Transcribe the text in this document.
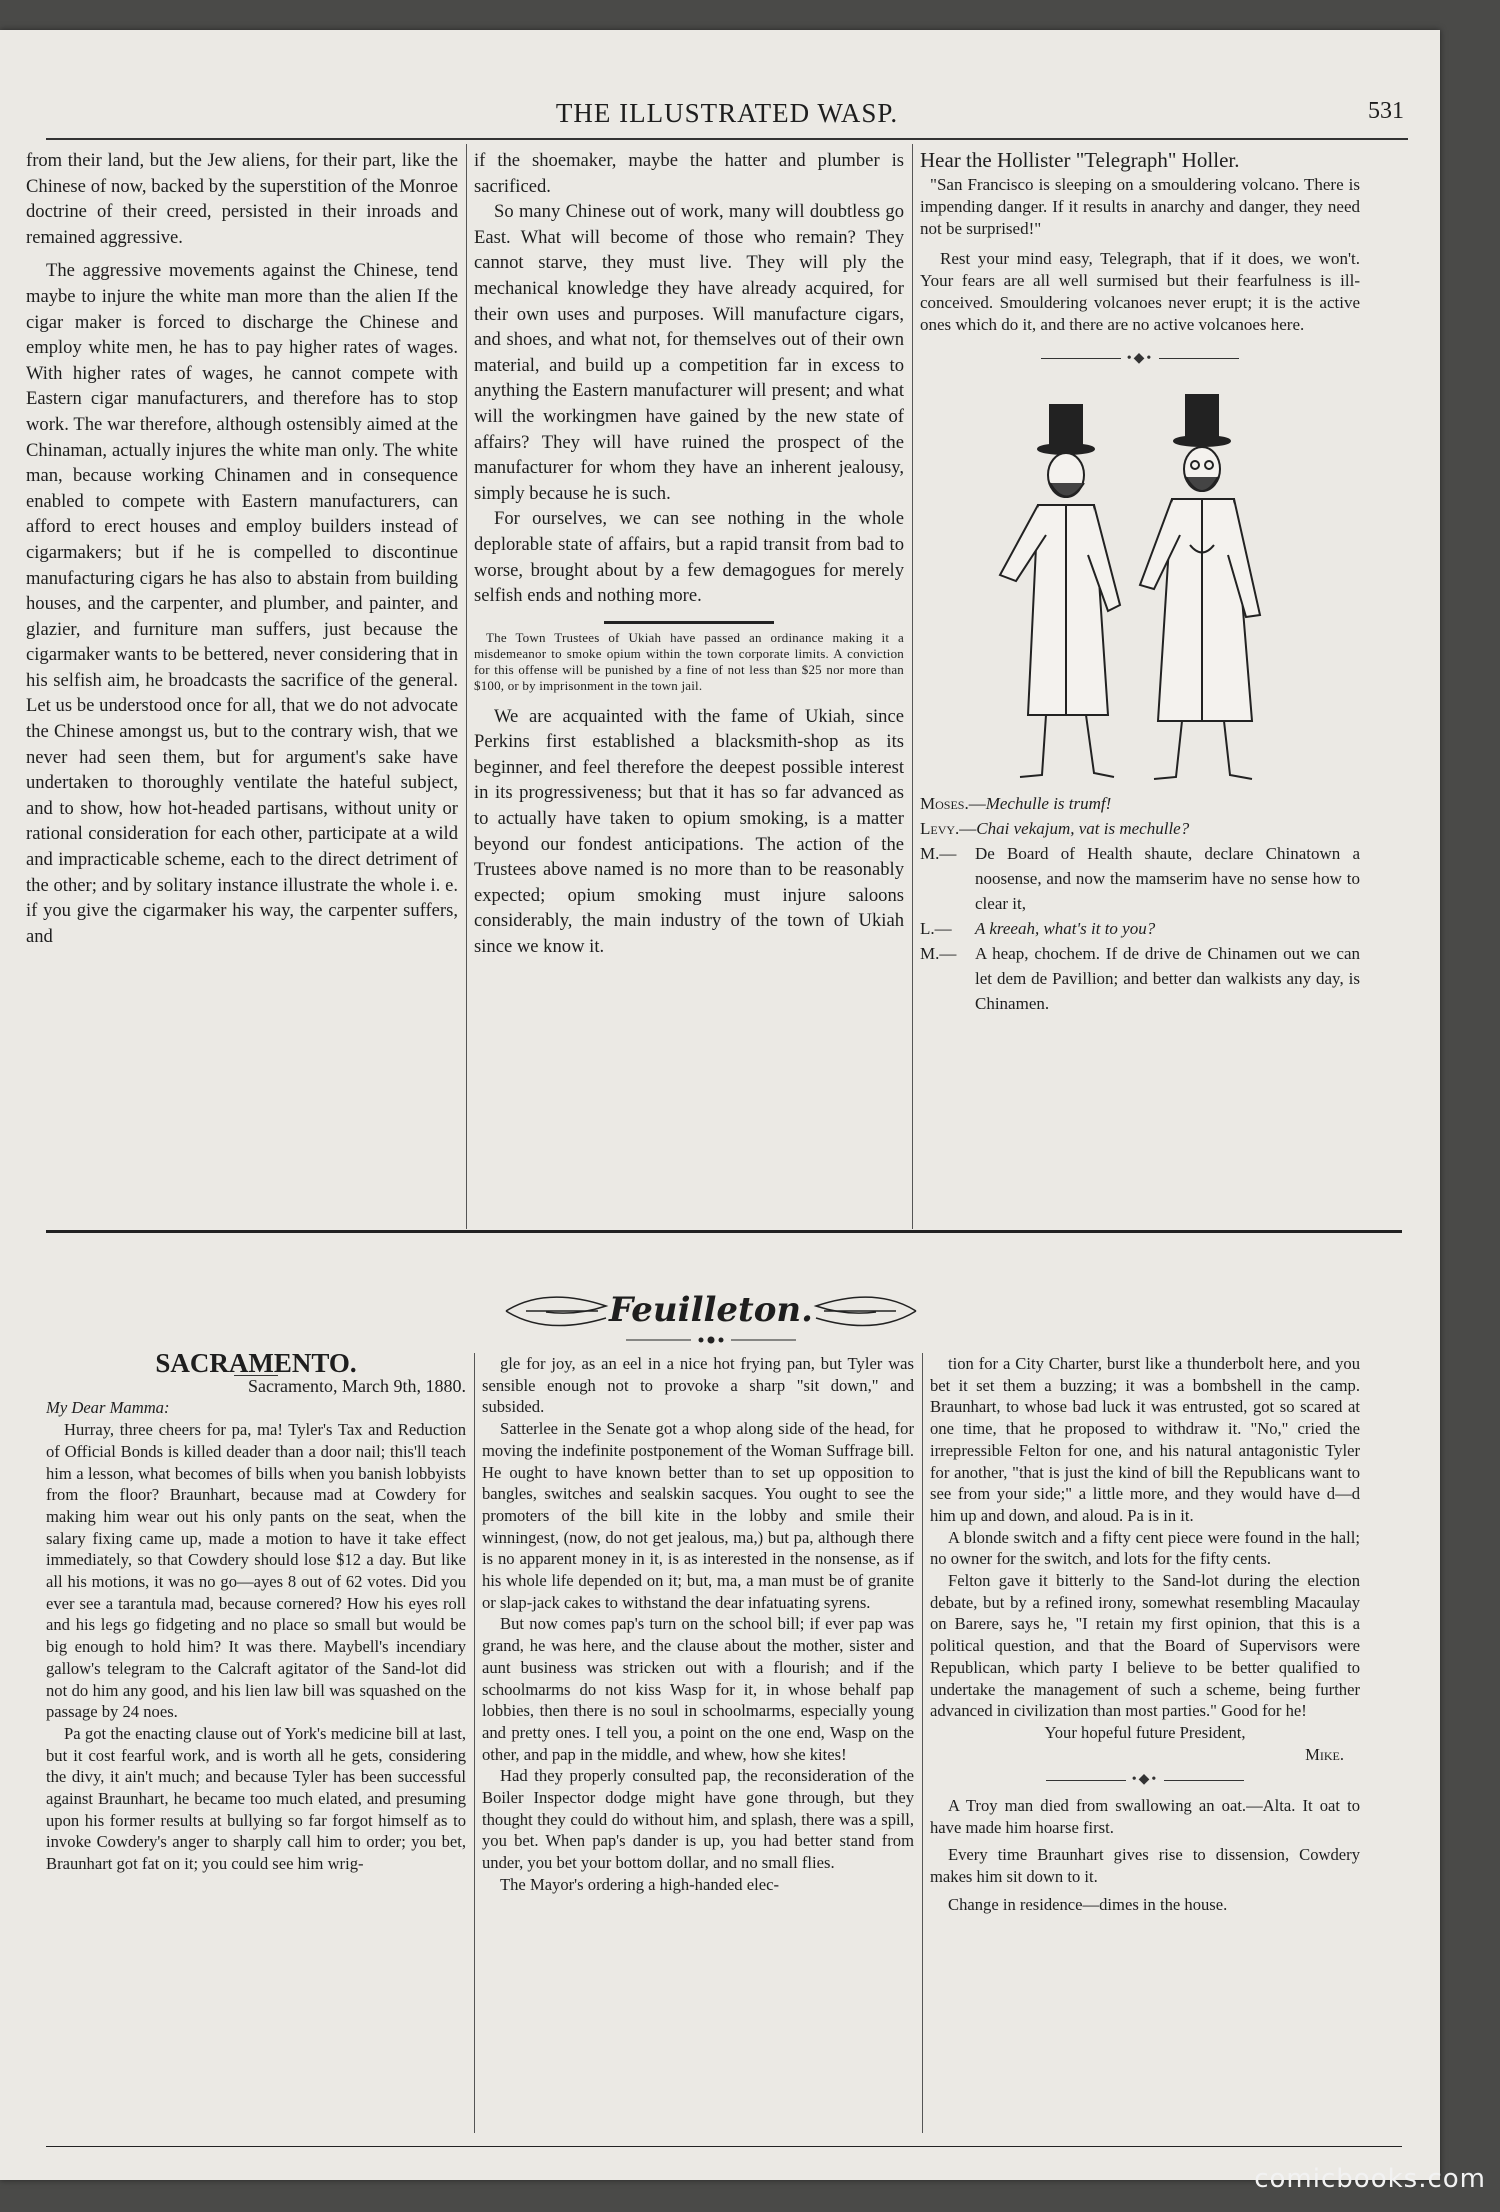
THE ILLUSTRATED WASP.	531

from their land, but the Jew aliens, for their part, like the Chinese of now, backed by the superstition of the Monroe doctrine of their creed, persisted in their inroads and remained aggressive.

The aggressive movements against the Chinese, tend maybe to injure the white man more than the alien If the cigar maker is forced to discharge the Chinese and employ white men, he has to pay higher rates of wages. With higher rates of wages, he cannot compete with Eastern cigar manufacturers, and therefore has to stop work. The war therefore, although ostensibly aimed at the Chinaman, actually injures the white man only. The white man, because working Chinamen and in consequence enabled to compete with Eastern manufacturers, can afford to erect houses and employ builders instead of cigarmakers; but if he is compelled to discontinue manufacturing cigars he has also to abstain from building houses, and the carpenter, and plumber, and painter, and glazier, and furniture man suffers, just because the cigarmaker wants to be bettered, never considering that in his selfish aim, he broadcasts the sacrifice of the general. Let us be understood once for all, that we do not advocate the Chinese amongst us, but to the contrary wish, that we never had seen them, but for argument's sake have undertaken to thoroughly ventilate the hateful subject, and to show, how hot-headed partisans, without unity or rational consideration for each other, participate at a wild and impracticable scheme, each to the direct detriment of the other; and by solitary instance illustrate the whole i. e. if you give the cigarmaker his way, the carpenter suffers, and

if the shoemaker, maybe the hatter and plumber is sacrificed.

So many Chinese out of work, many will doubtless go East. What will become of those who remain? They cannot starve, they must live. They will ply the mechanical knowledge they have already acquired, for their own uses and purposes. Will manufacture cigars, and shoes, and what not, for themselves out of their own material, and build up a competition far in excess to anything the Eastern manufacturer will present; and what will the workingmen have gained by the new state of affairs? They will have ruined the prospect of the manufacturer for whom they have an inherent jealousy, simply because he is such.

For ourselves, we can see nothing in the whole deplorable state of affairs, but a rapid transit from bad to worse, brought about by a few demagogues for merely selfish ends and nothing more.

The Town Trustees of Ukiah have passed an ordinance making it a misdemeanor to smoke opium within the town corporate limits. A conviction for this offense will be punished by a fine of not less than $25 nor more than $100, or by imprisonment in the town jail.

We are acquainted with the fame of Ukiah, since Perkins first established a blacksmith-shop as its beginner, and feel therefore the deepest possible interest in its progressiveness; but that it has so far advanced as to actually have taken to opium smoking, is a matter beyond our fondest anticipations. The action of the Trustees above named is no more than to be reasonably expected; opium smoking must injure saloons considerably, the main industry of the town of Ukiah since we know it.

Hear the Hollister "Telegraph" Holler.

"San Francisco is sleeping on a smouldering volcano. There is impending danger. If it results in anarchy and danger, they need not be surprised!"

Rest your mind easy, Telegraph, that if it does, we won't. Your fears are all well surmised but their fearfulness is ill-conceived. Smouldering volcanoes never erupt; it is the active ones which do it, and there are no active volcanoes here.

•◆•

Moses.—Mechulle is trumf!

Levy.—Chai vekajum, vat is mechulle?

M.— De Board of Health shaute, declare Chinatown a noosense, and now the mamserim have no sense how to clear it,

L.— A kreeah, what's it to you?

M.— A heap, chochem. If de drive de Chinamen out we can let dem de Pavillion; and better dan walkists any day, is Chinamen.

Feuilleton.

SACRAMENTO.

Sacramento, March 9th, 1880.

My Dear Mamma:

Hurray, three cheers for pa, ma! Tyler's Tax and Reduction of Official Bonds is killed deader than a door nail; this'll teach him a lesson, what becomes of bills when you banish lobbyists from the floor? Braunhart, because mad at Cowdery for making him wear out his only pants on the seat, when the salary fixing came up, made a motion to have it take effect immediately, so that Cowdery should lose $12 a day. But like all his motions, it was no go—ayes 8 out of 62 votes. Did you ever see a tarantula mad, because cornered? How his eyes roll and his legs go fidgeting and no place so small but would be big enough to hold him? It was there. Maybell's incendiary gallow's telegram to the Calcraft agitator of the Sand-lot did not do him any good, and his lien law bill was squashed on the passage by 24 noes.

Pa got the enacting clause out of York's medicine bill at last, but it cost fearful work, and is worth all he gets, considering the divy, it ain't much; and because Tyler has been successful against Braunhart, he became too much elated, and presuming upon his former results at bullying so far forgot himself as to invoke Cowdery's anger to sharply call him to order; you bet, Braunhart got fat on it; you could see him wrig-

gle for joy, as an eel in a nice hot frying pan, but Tyler was sensible enough not to provoke a sharp "sit down," and subsided.

Satterlee in the Senate got a whop along side of the head, for moving the indefinite postponement of the Woman Suffrage bill. He ought to have known better than to set up opposition to bangles, switches and sealskin sacques. You ought to see the promoters of the bill kite in the lobby and smile their winningest, (now, do not get jealous, ma,) but pa, although there is no apparent money in it, is as interested in the nonsense, as if his whole life depended on it; but, ma, a man must be of granite or slap-jack cakes to withstand the dear infatuating syrens.

But now comes pap's turn on the school bill; if ever pap was grand, he was here, and the clause about the mother, sister and aunt business was stricken out with a flourish; and if the schoolmarms do not kiss Wasp for it, in whose behalf pap lobbies, then there is no soul in schoolmarms, especially young and pretty ones. I tell you, a point on the one end, Wasp on the other, and pap in the middle, and whew, how she kites!

Had they properly consulted pap, the reconsideration of the Boiler Inspector dodge might have gone through, but they thought they could do without him, and splash, there was a spill, you bet. When pap's dander is up, you had better stand from under, you bet your bottom dollar, and no small flies.

The Mayor's ordering a high-handed elec-

tion for a City Charter, burst like a thunderbolt here, and you bet it set them a buzzing; it was a bombshell in the camp. Braunhart, to whose bad luck it was entrusted, got so scared at one time, that he proposed to withdraw it. "No," cried the irrepressible Felton for one, and his natural antagonistic Tyler for another, "that is just the kind of bill the Republicans want to see from your side;" a little more, and they would have d—d him up and down, and aloud. Pa is in it.

A blonde switch and a fifty cent piece were found in the hall; no owner for the switch, and lots for the fifty cents.

Felton gave it bitterly to the Sand-lot during the election debate, but by a refined irony, somewhat resembling Macaulay on Barere, says he, "I retain my first opinion, that this is a political question, and that the Board of Supervisors were Republican, which party I believe to be better qualified to undertake the management of such a scheme, being further advanced in civilization than most parties." Good for he!

Your hopeful future President,

Mike.

•◆•

A Troy man died from swallowing an oat.—Alta. It oat to have made him hoarse first.

Every time Braunhart gives rise to dissension, Cowdery makes him sit down to it.

Change in residence—dimes in the house.

comicbooks.com
